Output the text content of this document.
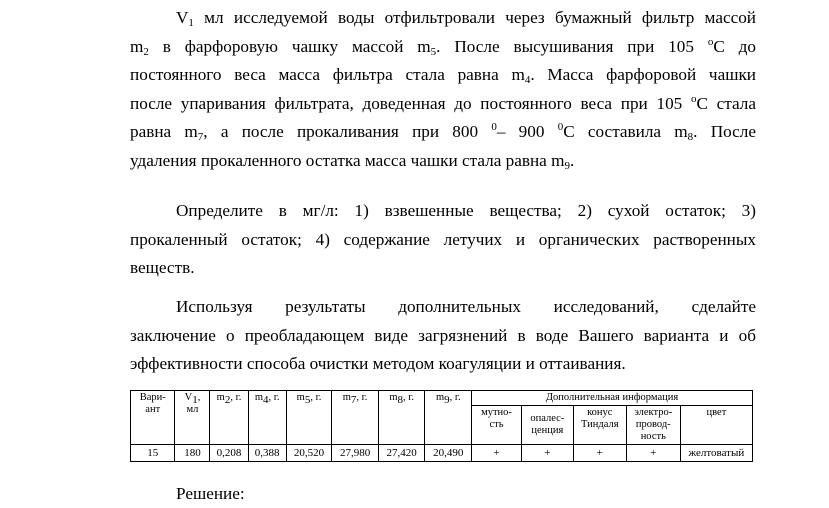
$V_1$ мл исследуемой воды отфильтровали через бумажный фильтр массой
$m_2$ в фарфоровую чашку массой $m_5$. После высушивания при 105 $^o$С до
постоянного веса масса фильтра стала равна $m_4$. Масса фарфоровой чашки
после упаривания фильтрата, доведенная до постоянного веса при 105 $^o$С стала
равна $m_7$, а после прокаливания при 800 $^0$– 900 $^0$С составила $m_8$. После
удаления прокаленного остатка масса чашки стала равна $m_9$.
Определите в мг/л: 1) взвешенные вещества; 2) сухой остаток; 3)
прокаленный остаток; 4) содержание летучих и органических растворенных
веществ.
Используя результаты дополнительных исследований, сделайте
заключение о преобладающем виде загрязнений в воде Вашего варианта и об
эффективности способа очистки методом коагуляции и оттаивания.
Вари-ант	$V_1$, мл	$m_2$, г.	$m_4$, г.	$m_5$, г.	$m_7$, г.	$m_8$, г.	$m_9$, г.	Дополнительная информация				
								мутно-сть	опалес-ценция	конус Тиндаля	электро-провод-ность	цвет
15	180	0,208	0,388	20,520	27,980	27,420	20,490	+	+	+	+	желтоватый
Решение:
